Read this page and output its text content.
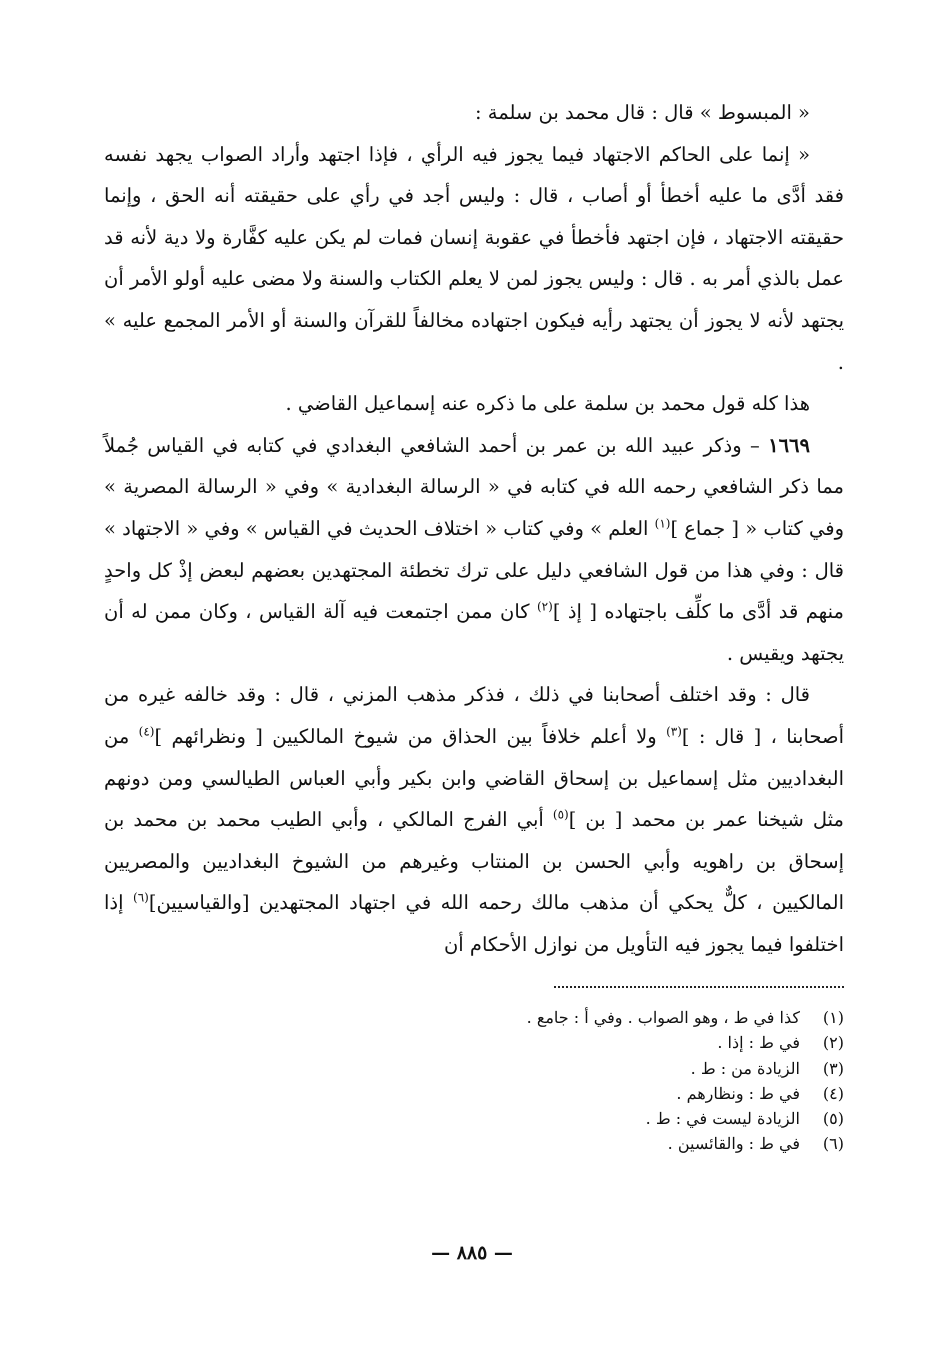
« المبسوط » قال : قال محمد بن سلمة :

« إنما على الحاكم الاجتهاد فيما يجوز فيه الرأي ، فإذا اجتهد وأراد الصواب يجهد نفسه فقد أدَّى ما عليه أخطأ أو أصاب ، قال : وليس أجد في رأي على حقيقته أنه الحق ، وإنما حقيقته الاجتهاد ، فإن اجتهد فأخطأ في عقوبة إنسان فمات لم يكن عليه كفَّارة ولا دية لأنه قد عمل بالذي أمر به . قال : وليس يجوز لمن لا يعلم الكتاب والسنة ولا مضى عليه أولو الأمر أن يجتهد لأنه لا يجوز أن يجتهد رأيه فيكون اجتهاده مخالفاً للقرآن والسنة أو الأمر المجمع عليه » .

هذا كله قول محمد بن سلمة على ما ذكره عنه إسماعيل القاضي .

١٦٦٩ – وذكر عبيد الله بن عمر بن أحمد الشافعي البغدادي في كتابه في القياس جُملاً مما ذكر الشافعي رحمه الله في كتابه في « الرسالة البغدادية » وفي « الرسالة المصرية » وفي كتاب « [ جماع ]$^{(١)}$ العلم » وفي كتاب « اختلاف الحديث في القياس » وفي « الاجتهاد » قال : وفي هذا من قول الشافعي دليل على ترك تخطئة المجتهدين بعضهم لبعض إذْ كل واحدٍ منهم قد أدَّى ما كلِّف باجتهاده [ إذ ]$^{(٢)}$ كان ممن اجتمعت فيه آلة القياس ، وكان ممن له أن يجتهد ويقيس .

قال : وقد اختلف أصحابنا في ذلك ، فذكر مذهب المزني ، قال : وقد خالفه غيره من أصحابنا ، [ قال : ]$^{(٣)}$ ولا أعلم خلافاً بين الحذاق من شيوخ المالكيين [ ونظرائهم ]$^{(٤)}$ من البغداديين مثل إسماعيل بن إسحاق القاضي وابن بكير وأبي العباس الطيالسي ومن دونهم مثل شيخنا عمر بن محمد [ بن ]$^{(٥)}$ أبي الفرج المالكي ، وأبي الطيب محمد بن محمد بن إسحاق بن راهويه وأبي الحسن بن المنتاب وغيرهم من الشيوخ البغداديين والمصريين المالكيين ، كلٌّ يحكي أن مذهب مالك رحمه الله في اجتهاد المجتهدين [والقياسيين]$^{(٦)}$ إذا اختلفوا فيما يجوز فيه التأويل من نوازل الأحكام أن

(١)
كذا في ط ، وهو الصواب . وفي أ : جامع .
(٢)
في ط : إذا .
(٣)
الزيادة من : ط .
(٤)
في ط : ونظارهم .
(٥)
الزيادة ليست في : ط .
(٦)
في ط : والقائسين .
— ٨٨٥ —
